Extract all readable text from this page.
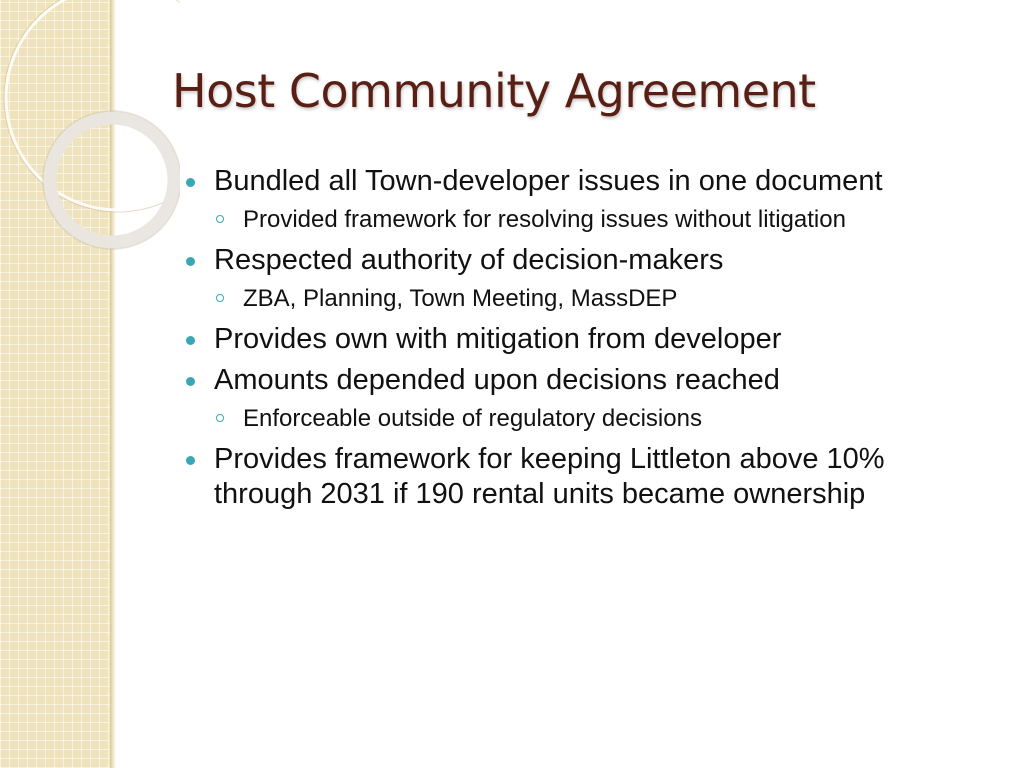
Host Community Agreement
Bundled all Town-developer issues in one document
Provided framework for resolving issues without litigation
Respected authority of decision-makers
ZBA, Planning, Town Meeting, MassDEP
Provides own with mitigation from developer
Amounts depended upon decisions reached
Enforceable outside of regulatory decisions
Provides framework for keeping Littleton above 10% through 2031 if 190 rental units became ownership
